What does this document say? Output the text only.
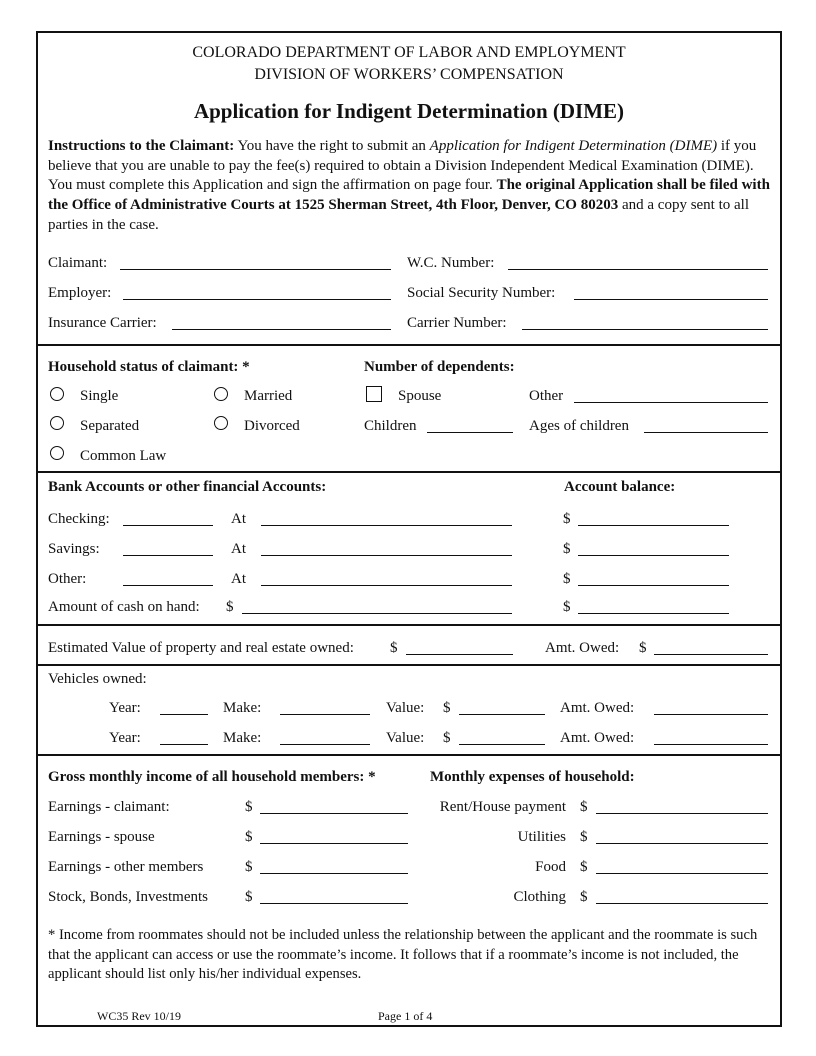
COLORADO DEPARTMENT OF LABOR AND EMPLOYMENT
DIVISION OF WORKERS’ COMPENSATION
Application for Indigent Determination (DIME)
Instructions to the Claimant: You have the right to submit an Application for Indigent Determination (DIME) if you believe that you are unable to pay the fee(s) required to obtain a Division Independent Medical Examination (DIME). You must complete this Application and sign the affirmation on page four. The original Application shall be filed with the Office of Administrative Courts at 1525 Sherman Street, 4th Floor, Denver, CO 80203 and a copy sent to all parties in the case.
Claimant:	W.C. Number:
Employer:	Social Security Number:
Insurance Carrier:	Carrier Number:
Household status of claimant: *	Number of dependents:
Single	Married	Spouse	Other
Separated	Divorced	Children	Ages of children
Common Law
Bank Accounts or other financial Accounts:	Account balance:
Checking:	At	$
Savings:	At	$
Other:	At	$
Amount of cash on hand: $	$
Estimated Value of property and real estate owned: $	Amt. Owed: $
Vehicles owned:
Year:	Make:	Value: $	Amt. Owed:
Year:	Make:	Value: $	Amt. Owed:
Gross monthly income of all household members: *	Monthly expenses of household:
Earnings - claimant:	$	Rent/House payment $
Earnings - spouse	$	Utilities $
Earnings - other members	$	Food $
Stock, Bonds, Investments $	Clothing $
* Income from roommates should not be included unless the relationship between the applicant and the roommate is such that the applicant can access or use the roommate’s income. It follows that if a roommate’s income is not included, the applicant should list only his/her individual expenses.
WC35 Rev 10/19	Page 1 of 4
